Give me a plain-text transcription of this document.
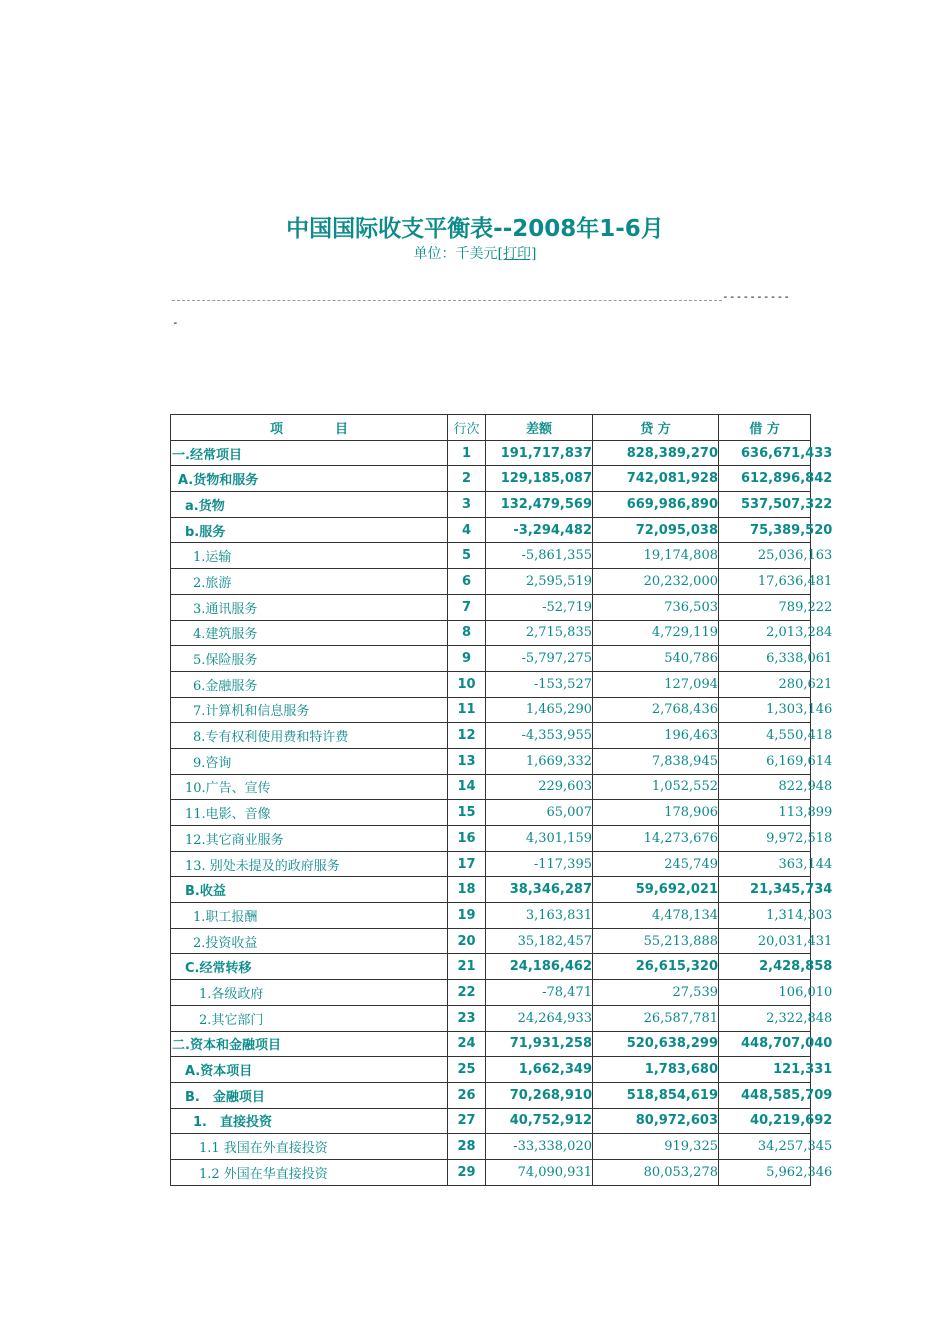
中国国际收支平衡表--2008年1-6月
单位：千美元[打印]
----------
-
项　　　　目	行次	差额	贷 方	借 方
一.经常项目	1	191,717,837	828,389,270	636,671,433
A.货物和服务	2	129,185,087	742,081,928	612,896,842
a.货物	3	132,479,569	669,986,890	537,507,322
b.服务	4	-3,294,482	72,095,038	75,389,520
1.运输	5	-5,861,355	19,174,808	25,036,163
2.旅游	6	2,595,519	20,232,000	17,636,481
3.通讯服务	7	-52,719	736,503	789,222
4.建筑服务	8	2,715,835	4,729,119	2,013,284
5.保险服务	9	-5,797,275	540,786	6,338,061
6.金融服务	10	-153,527	127,094	280,621
7.计算机和信息服务	11	1,465,290	2,768,436	1,303,146
8.专有权利使用费和特许费	12	-4,353,955	196,463	4,550,418
9.咨询	13	1,669,332	7,838,945	6,169,614
10.广告、宣传	14	229,603	1,052,552	822,948
11.电影、音像	15	65,007	178,906	113,899
12.其它商业服务	16	4,301,159	14,273,676	9,972,518
13. 别处未提及的政府服务	17	-117,395	245,749	363,144
B.收益	18	38,346,287	59,692,021	21,345,734
1.职工报酬	19	3,163,831	4,478,134	1,314,303
2.投资收益	20	35,182,457	55,213,888	20,031,431
C.经常转移	21	24,186,462	26,615,320	2,428,858
1.各级政府	22	-78,471	27,539	106,010
2.其它部门	23	24,264,933	26,587,781	2,322,848
二.资本和金融项目	24	71,931,258	520,638,299	448,707,040
A.资本项目	25	1,662,349	1,783,680	121,331
B.　金融项目	26	70,268,910	518,854,619	448,585,709
1.　直接投资	27	40,752,912	80,972,603	40,219,692
1.1 我国在外直接投资	28	-33,338,020	919,325	34,257,345
1.2 外国在华直接投资	29	74,090,931	80,053,278	5,962,346
